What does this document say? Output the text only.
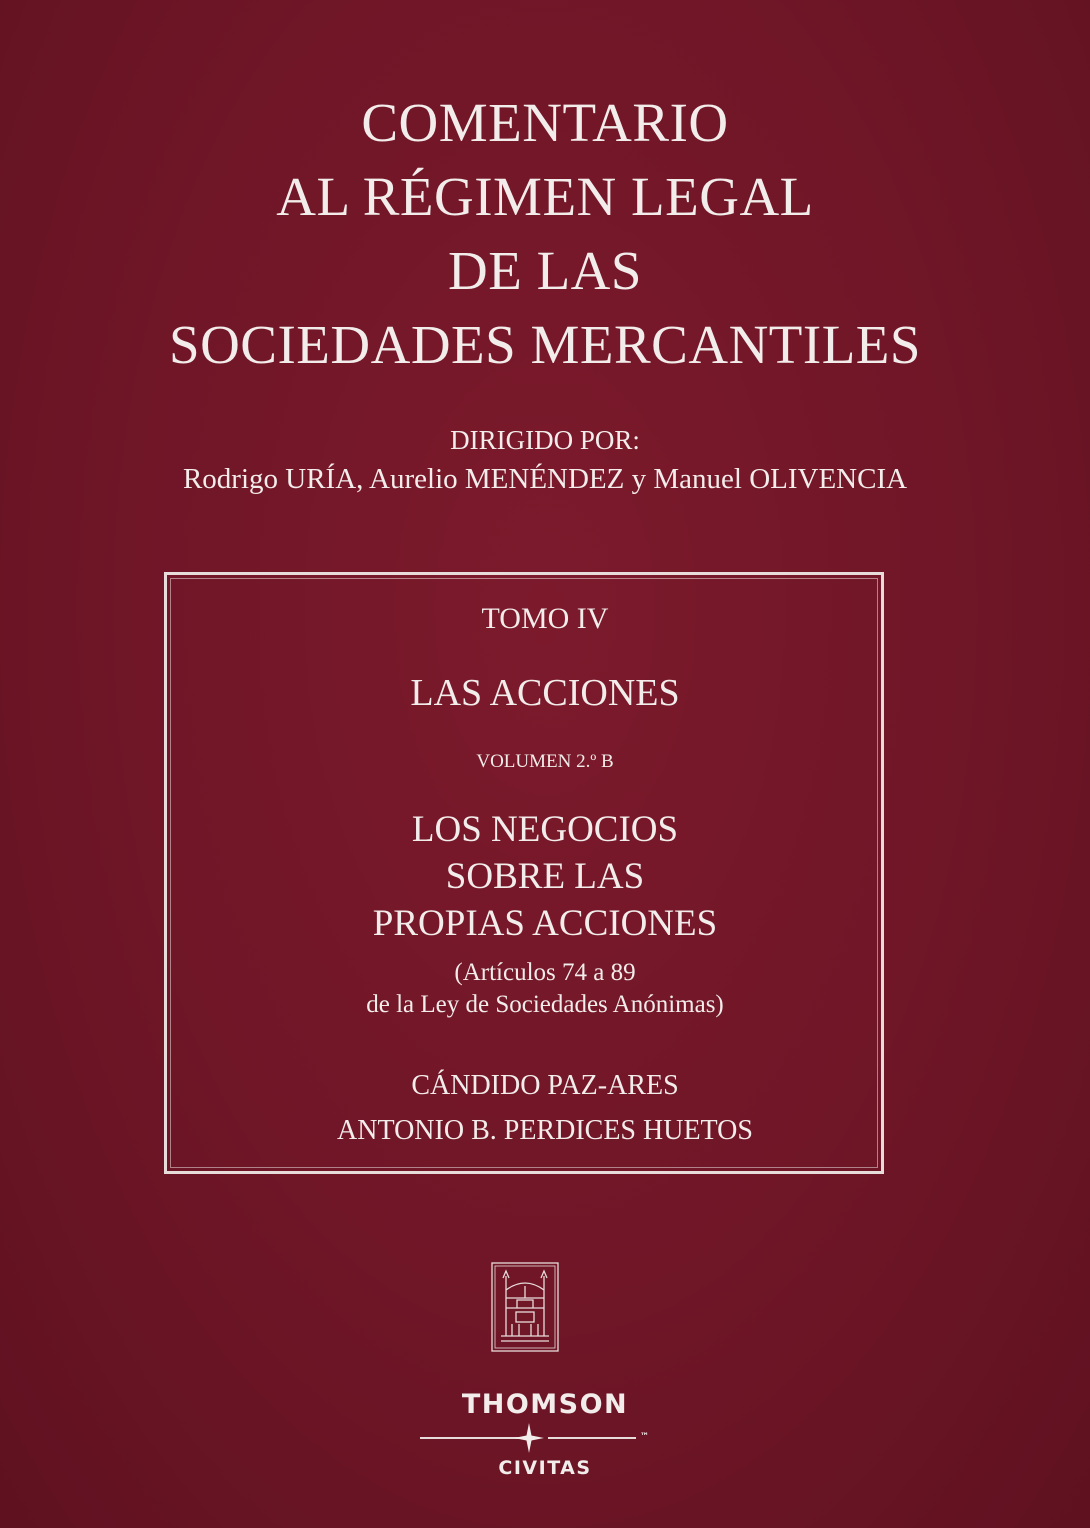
COMENTARIO
AL RÉGIMEN LEGAL
DE LAS
SOCIEDADES MERCANTILES
DIRIGIDO POR:
Rodrigo URÍA, Aurelio MENÉNDEZ y Manuel OLIVENCIA
TOMO IV
LAS ACCIONES
VOLUMEN 2.º B
LOS NEGOCIOS
SOBRE LAS
PROPIAS ACCIONES
(Artículos 74 a 89
de la Ley de Sociedades Anónimas)
CÁNDIDO PAZ-ARES
ANTONIO B. PERDICES HUETOS
THOMSON
™
CIVITAS
